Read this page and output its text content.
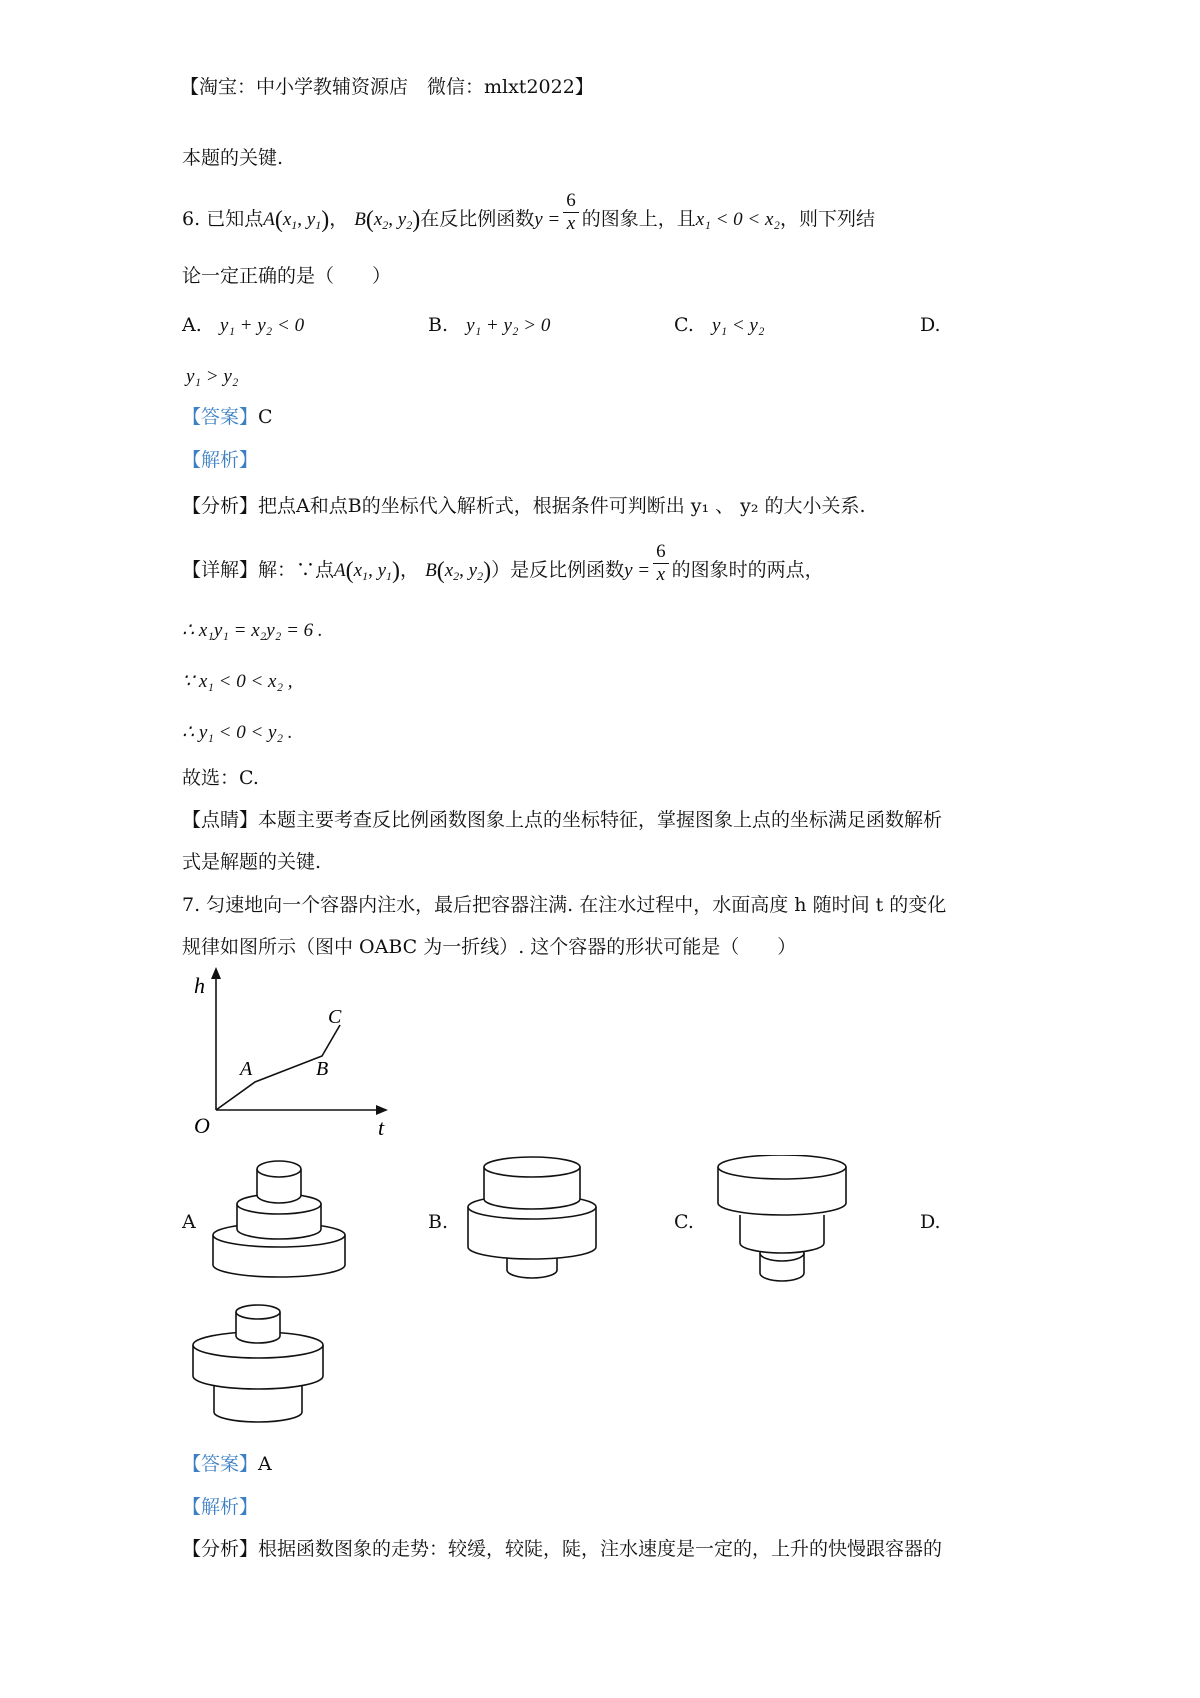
【淘宝：中小学教辅资源店　微信：mlxt2022】
本题的关键.
6. 已知点$A(x_1$, $y_1$)， $B(x_2$, $y_2$)在反比例函数$y = \frac{6}{x}$ 的图象上，且x₁ < 0 < x₂，则下列结
论一定正确的是（　　）
A. y₁ + y₂ < 0	B. y₁ + y₂ > 0	C. y₁ < y₂	D.
y₁ > y₂
【答案】C
【解析】
【分析】把点A和点B的坐标代入解析式，根据条件可判断出 y₁ 、 y₂ 的大小关系.
【详解】解：∵点$A(x_1$, $y_1$)， $B(x_2$, $y_2$)）是反比例函数$y = \frac{6}{x}$ 的图象时的两点，
∴ x₁y₁ = x₂y₂ = 6 .
∵ x₁ < 0 < x₂ ,
∴ y₁ < 0 < y₂ .
故选：C.
【点睛】本题主要考查反比例函数图象上点的坐标特征，掌握图象上点的坐标满足函数解析
式是解题的关键.
7. 匀速地向一个容器内注水，最后把容器注满. 在注水过程中，水面高度 h 随时间 t 的变化
规律如图所示（图中 OABC 为一折线）. 这个容器的形状可能是（　　）
h
t
O
A	B
C
A	B.	C.	D.
【答案】A
【解析】
【分析】根据函数图象的走势：较缓，较陡，陡，注水速度是一定的，上升的快慢跟容器的
